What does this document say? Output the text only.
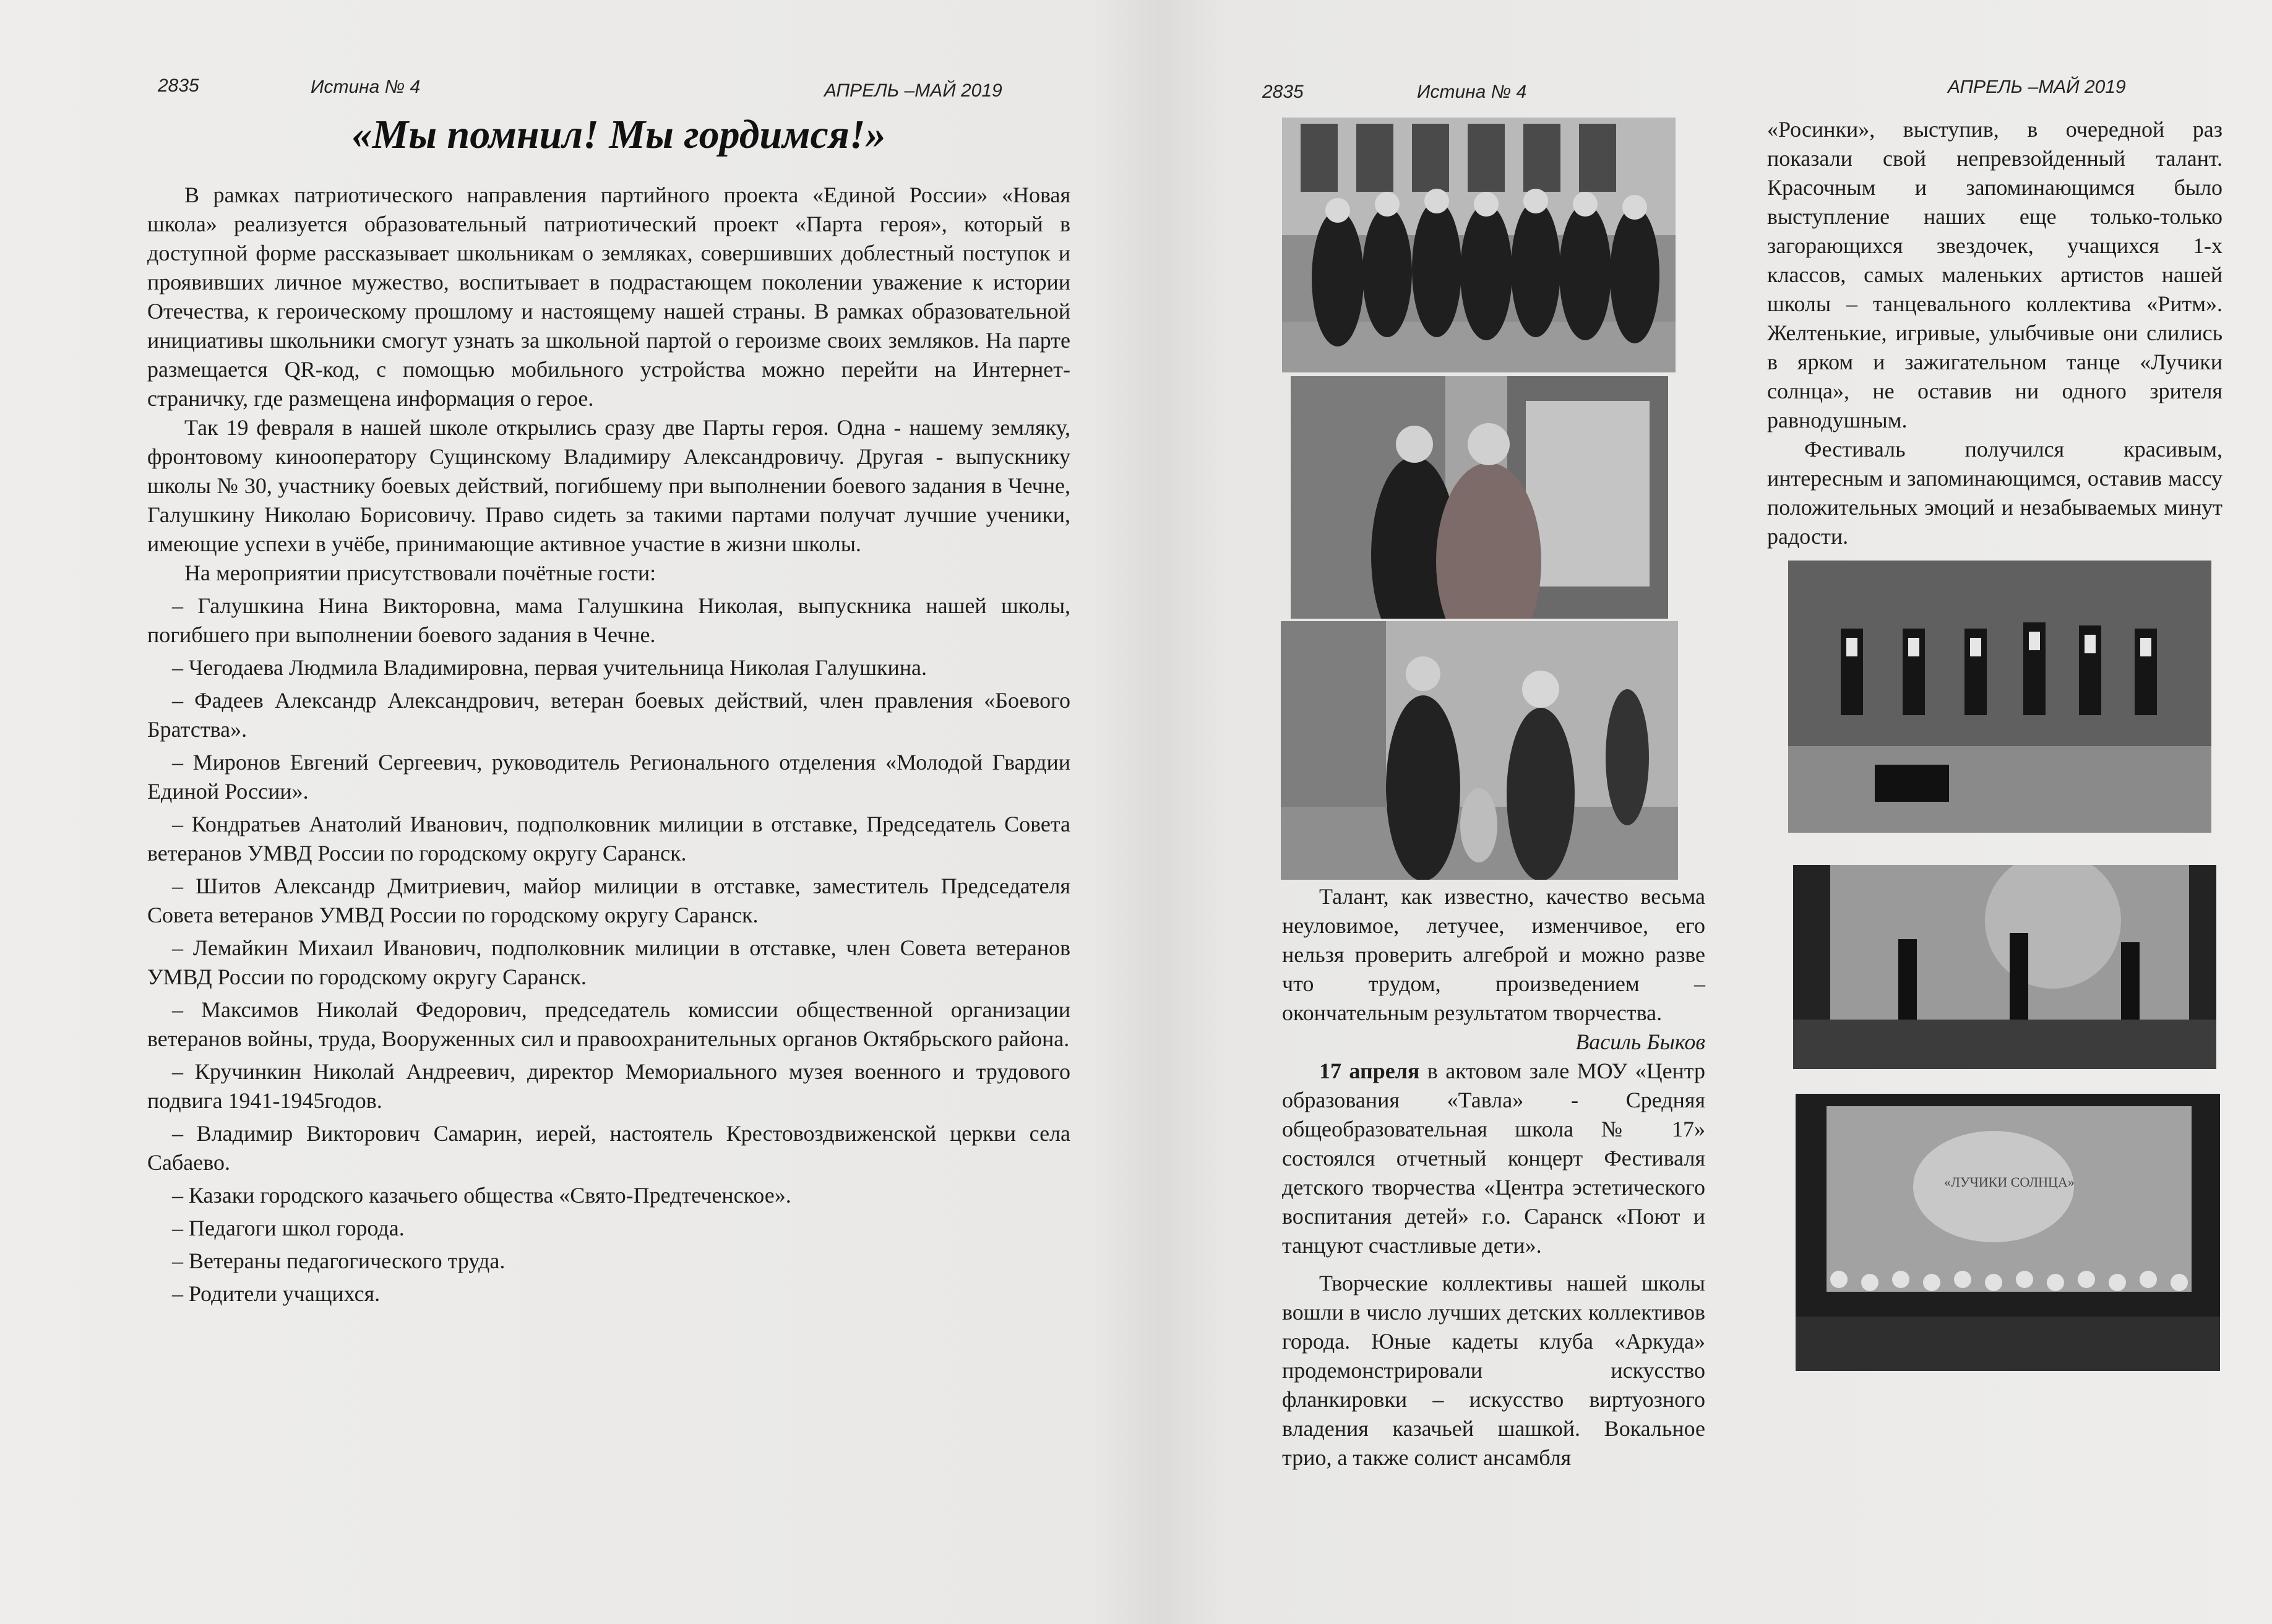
2835	Истина № 4	АПРЕЛЬ –МАЙ 2019
«Мы помнил! Мы гордимся!»

В рамках патриотического направления партийного проекта «Единой России» «Новая школа» реализуется образовательный патриотический проект «Парта героя», который в доступной форме рассказывает школьникам о земляках, совершивших доблестный поступок и проявивших личное мужество, воспитывает в подрастающем поколении уважение к истории Отечества, к героическому прошлому и настоящему нашей страны. В рамках образовательной инициативы школьники смогут узнать за школьной партой о героизме своих земляков. На парте размещается QR-код, с помощью мобильного устройства можно перейти на Интернет-страничку, где размещена информация о герое.

Так 19 февраля в нашей школе открылись сразу две Парты героя. Одна - нашему земляку, фронтовому кинооператору Сущинскому Владимиру Александровичу. Другая - выпускнику школы № 30, участнику боевых действий, погибшему при выполнении боевого задания в Чечне, Галушкину Николаю Борисовичу. Право сидеть за такими партами получат лучшие ученики, имеющие успехи в учёбе, принимающие активное участие в жизни школы.

На мероприятии присутствовали почётные гости:

– Галушкина Нина Викторовна, мама Галушкина Николая, выпускника нашей школы, погибшего при выполнении боевого задания в Чечне.

– Чегодаева Людмила Владимировна, первая учительница Николая Галушкина.

– Фадеев Александр Александрович, ветеран боевых действий, член правления «Боевого Братства».

– Миронов Евгений Сергеевич, руководитель Регионального отделения «Молодой Гвардии Единой России».

– Кондратьев Анатолий Иванович, подполковник милиции в отставке, Председатель Совета ветеранов УМВД России по городскому округу Саранск.

– Шитов Александр Дмитриевич, майор милиции в отставке, заместитель Председателя Совета ветеранов УМВД России по городскому округу Саранск.

– Лемайкин Михаил Иванович, подполковник милиции в отставке, член Совета ветеранов УМВД России по городскому округу Саранск.

– Максимов Николай Федорович, председатель комиссии общественной организации ветеранов войны, труда, Вооруженных сил и правоохранительных органов Октябрьского района.

– Кручинкин Николай Андреевич, директор Мемориального музея военного и трудового подвига 1941-1945годов.

– Владимир Викторович Самарин, иерей, настоятель Крестовоздвиженской церкви села Сабаево.

– Казаки городского казачьего общества «Свято-Предтеченское».

– Педагоги школ города.

– Ветераны педагогического труда.

– Родители учащихся.

2835	Истина № 4	АПРЕЛЬ –МАЙ 2019

Талант, как известно, качество весьма неуловимое, летучее, изменчивое, его нельзя проверить алгеброй и можно разве что трудом, произведением – окончательным результатом творчества.

Василь Быков

17 апреля в актовом зале МОУ «Центр образования «Тавла» - Средняя общеобразовательная школа № 17» состоялся отчетный концерт Фестиваля детского творчества «Центра эстетического воспитания детей» г.о. Саранск «Поют и танцуют счастливые дети».

Творческие коллективы нашей школы вошли в число лучших детских коллективов города. Юные кадеты клуба «Аркуда» продемонстрировали искусство фланкировки – искусство виртуозного владения казачьей шашкой. Вокальное трио, а также солист ансамбля

«Росинки», выступив, в очередной раз показали свой непревзойденный талант. Красочным и запоминающимся было выступление наших еще только-только загорающихся звездочек, учащихся 1-х классов, самых маленьких артистов нашей школы – танцевального коллектива «Ритм». Желтенькие, игривые, улыбчивые они слились в ярком и зажигательном танце «Лучики солнца», не оставив ни одного зрителя равнодушным.

Фестиваль получился красивым, интересным и запоминающимся, оставив массу положительных эмоций и незабываемых минут радости.

«ЛУЧИКИ СОЛНЦА»
